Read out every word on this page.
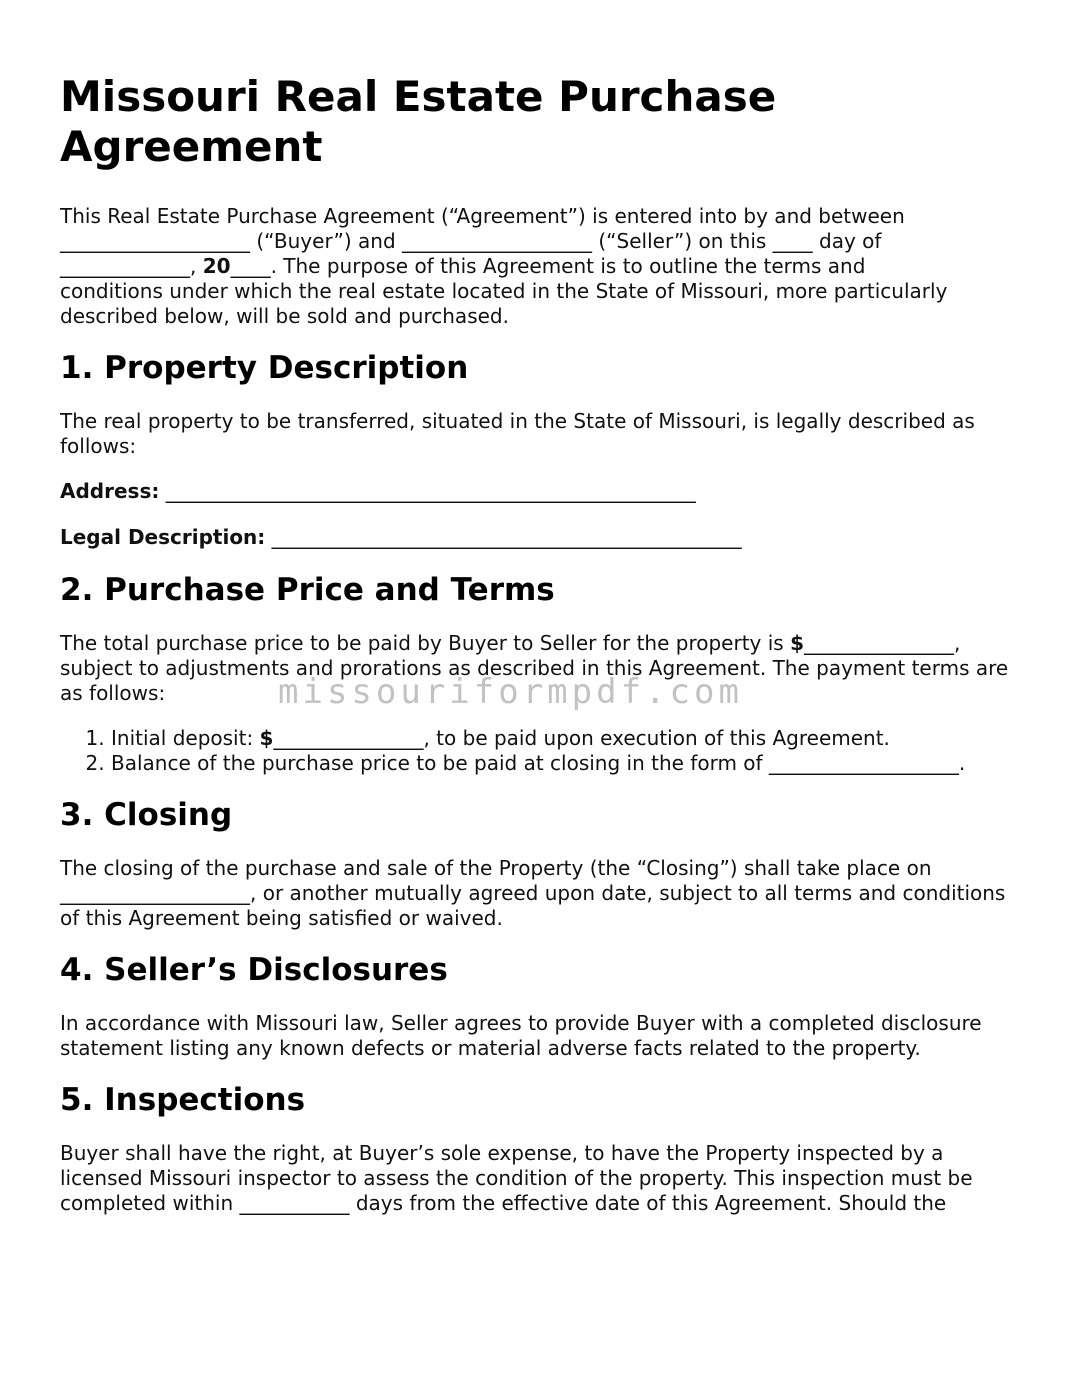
Missouri Real Estate Purchase Agreement

This Real Estate Purchase Agreement (“Agreement”) is entered into by and between
___________________ (“Buyer”) and ___________________ (“Seller”) on this ____ day of
_____________, 20____. The purpose of this Agreement is to outline the terms and
conditions under which the real estate located in the State of Missouri, more particularly
described below, will be sold and purchased.

1. Property Description

The real property to be transferred, situated in the State of Missouri, is legally described as follows:

Address: _____________________________________________________
Legal Description: _______________________________________________
2. Purchase Price and Terms

The total purchase price to be paid by Buyer to Seller for the property is $_______________, subject to adjustments and prorations as described in this Agreement. The payment terms are as follows:

1. Initial deposit: $_______________, to be paid upon execution of this Agreement.
2. Balance of the purchase price to be paid at closing in the form of ___________________.
3. Closing

The closing of the purchase and sale of the Property (the “Closing”) shall take place on ___________________, or another mutually agreed upon date, subject to all terms and conditions of this Agreement being satisfied or waived.

4. Seller’s Disclosures

In accordance with Missouri law, Seller agrees to provide Buyer with a completed disclosure statement listing any known defects or material adverse facts related to the property.

5. Inspections

Buyer shall have the right, at Buyer’s sole expense, to have the Property inspected by a licensed Missouri inspector to assess the condition of the property. This inspection must be completed within ___________ days from the effective date of this Agreement. Should the

missouriformpdf.com
